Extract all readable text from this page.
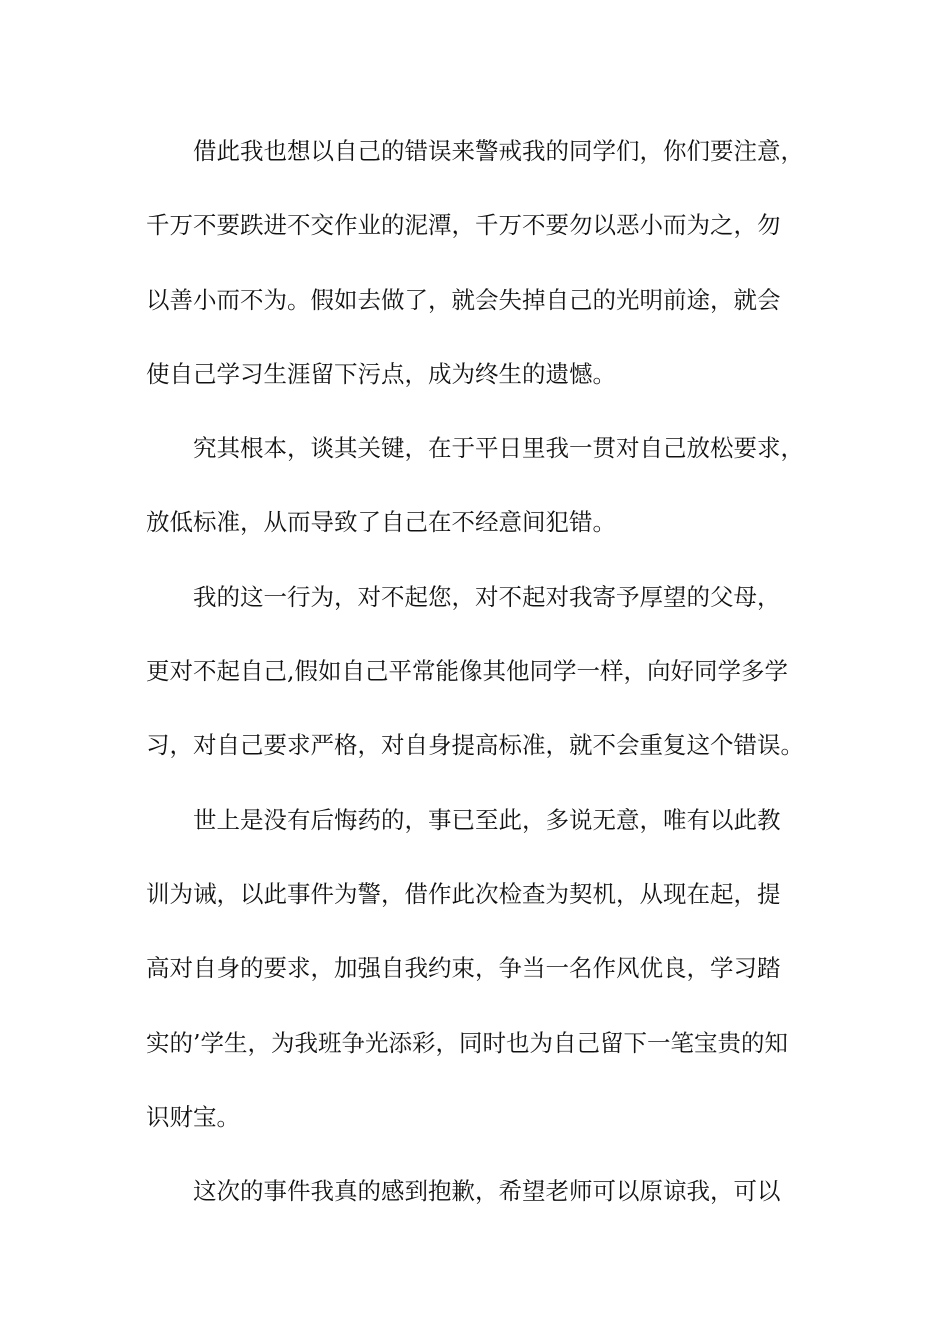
借此我也想以自己的错误来警戒我的同学们，你们要注意，
千万不要跌进不交作业的泥潭，千万不要勿以恶小而为之，勿
以善小而不为。假如去做了，就会失掉自己的光明前途，就会
使自己学习生涯留下污点，成为终生的遗憾。
究其根本，谈其关键，在于平日里我一贯对自己放松要求，
放低标准，从而导致了自己在不经意间犯错。
我的这一行为，对不起您，对不起对我寄予厚望的父母，
更对不起自己,假如自己平常能像其他同学一样，向好同学多学
习，对自己要求严格，对自身提高标准，就不会重复这个错误。
世上是没有后悔药的，事已至此，多说无意，唯有以此教
训为诫，以此事件为警，借作此次检查为契机，从现在起，提
高对自身的要求，加强自我约束，争当一名作风优良，学习踏
实的’学生，为我班争光添彩，同时也为自己留下一笔宝贵的知
识财宝。
这次的事件我真的感到抱歉，希望老师可以原谅我，可以
